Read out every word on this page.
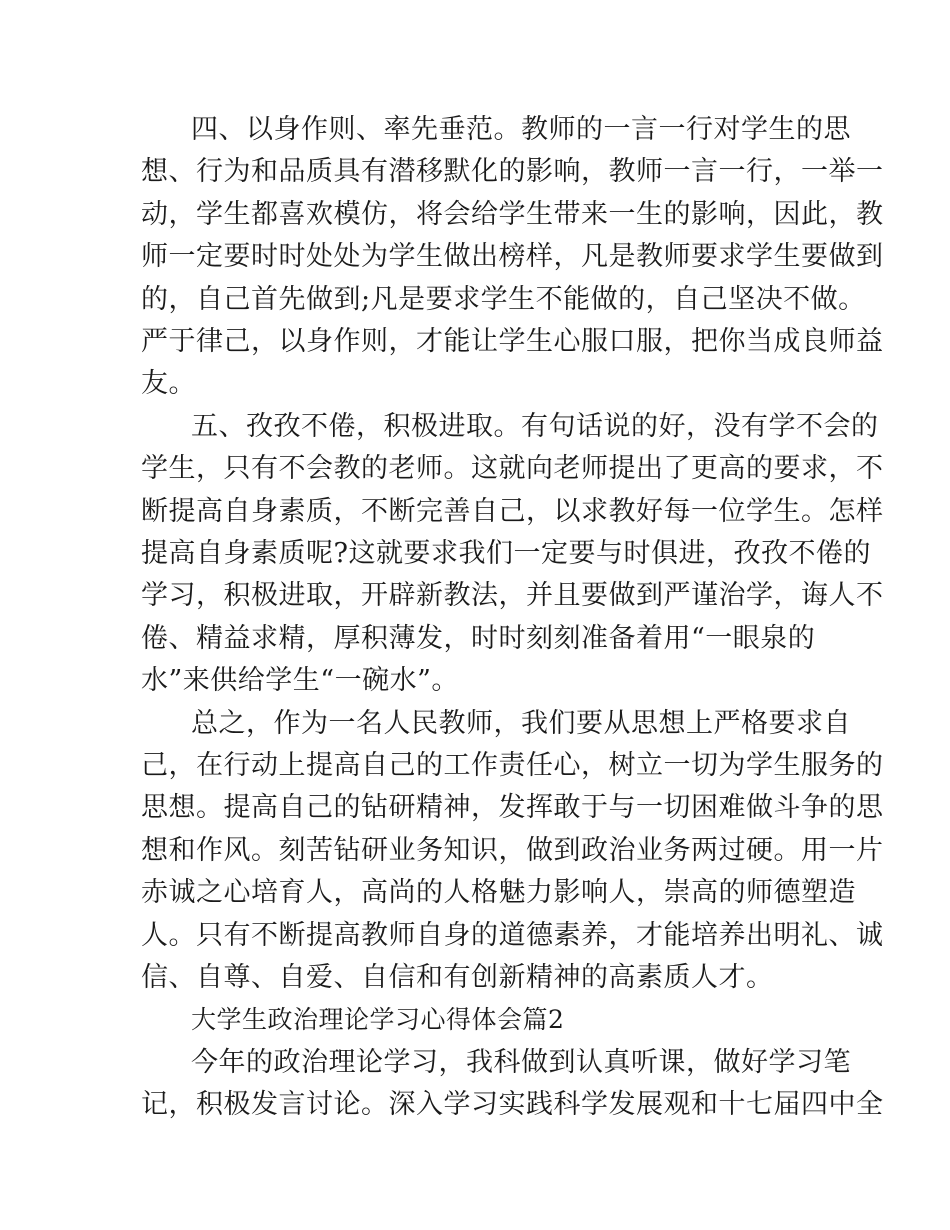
四、以身作则、率先垂范。教师的一言一行对学生的思
想、行为和品质具有潜移默化的影响，教师一言一行，一举一
动，学生都喜欢模仿，将会给学生带来一生的影响，因此，教
师一定要时时处处为学生做出榜样，凡是教师要求学生要做到
的，自己首先做到;凡是要求学生不能做的，自己坚决不做。
严于律己，以身作则，才能让学生心服口服，把你当成良师益
友。
五、孜孜不倦，积极进取。有句话说的好，没有学不会的
学生，只有不会教的老师。这就向老师提出了更高的要求，不
断提高自身素质，不断完善自己，以求教好每一位学生。怎样
提高自身素质呢?这就要求我们一定要与时俱进，孜孜不倦的
学习，积极进取，开辟新教法，并且要做到严谨治学，诲人不
倦、精益求精，厚积薄发，时时刻刻准备着用“一眼泉的
水”来供给学生“一碗水”。
总之，作为一名人民教师，我们要从思想上严格要求自
己，在行动上提高自己的工作责任心，树立一切为学生服务的
思想。提高自己的钻研精神，发挥敢于与一切困难做斗争的思
想和作风。刻苦钻研业务知识，做到政治业务两过硬。用一片
赤诚之心培育人，高尚的人格魅力影响人，崇高的师德塑造
人。只有不断提高教师自身的道德素养，才能培养出明礼、诚
信、自尊、自爱、自信和有创新精神的高素质人才。
大学生政治理论学习心得体会篇2
今年的政治理论学习，我科做到认真听课，做好学习笔
记，积极发言讨论。深入学习实践科学发展观和十七届四中全
